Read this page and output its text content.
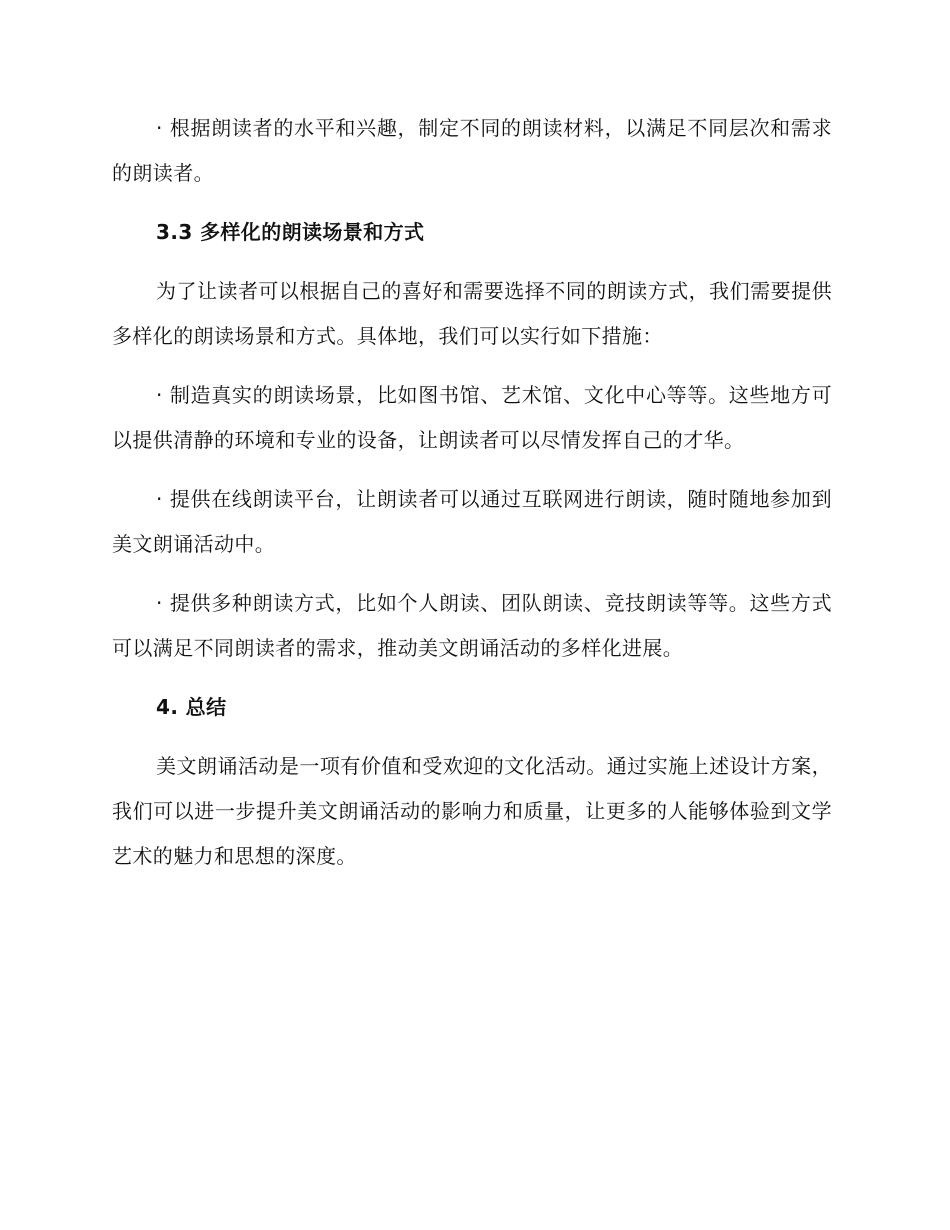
· 根据朗读者的水平和兴趣，制定不同的朗读材料，以满足不同层次和需求的朗读者。

3.3 多样化的朗读场景和方式

为了让读者可以根据自己的喜好和需要选择不同的朗读方式，我们需要提供多样化的朗读场景和方式。具体地，我们可以实行如下措施：

· 制造真实的朗读场景，比如图书馆、艺术馆、文化中心等等。这些地方可以提供清静的环境和专业的设备，让朗读者可以尽情发挥自己的才华。

· 提供在线朗读平台，让朗读者可以通过互联网进行朗读，随时随地参加到美文朗诵活动中。

· 提供多种朗读方式，比如个人朗读、团队朗读、竞技朗读等等。这些方式可以满足不同朗读者的需求，推动美文朗诵活动的多样化进展。

4. 总结

美文朗诵活动是一项有价值和受欢迎的文化活动。通过实施上述设计方案，我们可以进一步提升美文朗诵活动的影响力和质量，让更多的人能够体验到文学艺术的魅力和思想的深度。
